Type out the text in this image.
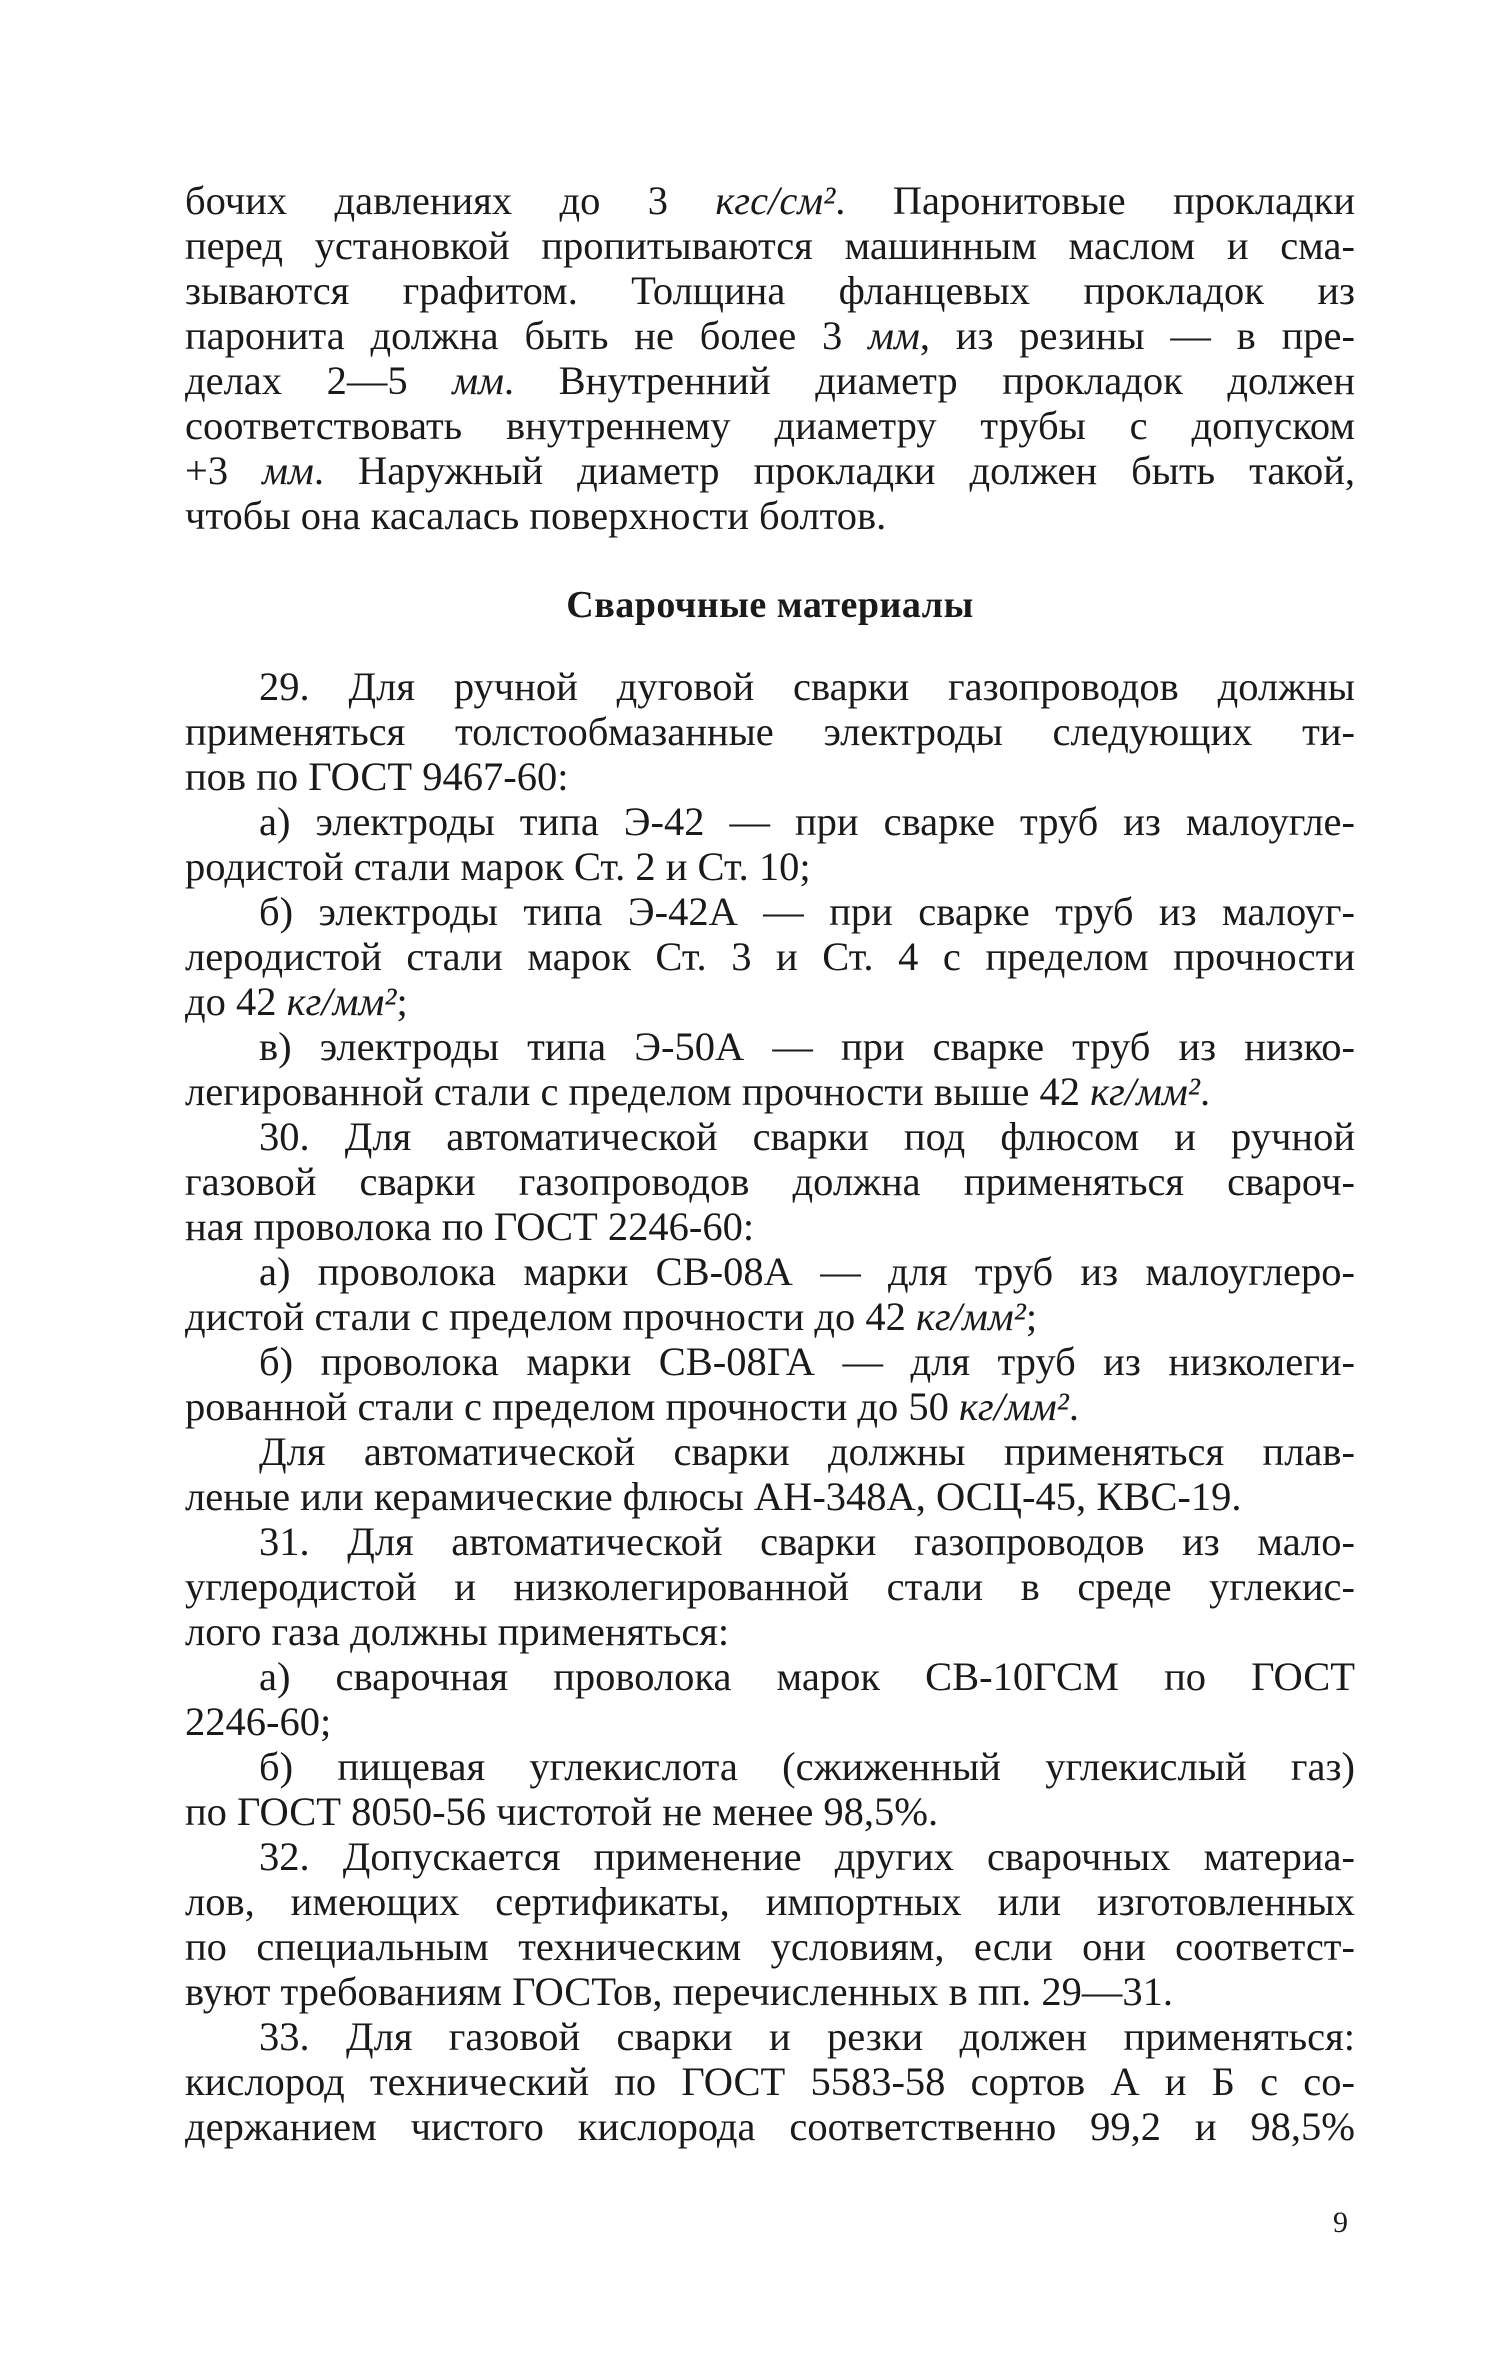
бочих давлениях до 3 кгс/см². Паронитовые прокладки
перед установкой пропитываются машинным маслом и сма-
зываются графитом. Толщина фланцевых прокладок из
паронита должна быть не более 3 мм, из резины — в пре-
делах 2—5 мм. Внутренний диаметр прокладок должен
соответствовать внутреннему диаметру трубы с допуском
+3 мм. Наружный диаметр прокладки должен быть такой,
чтобы она касалась поверхности болтов.
Сварочные материалы
29. Для ручной дуговой сварки газопроводов должны
применяться толстообмазанные электроды следующих ти-
пов по ГОСТ 9467-60:
а) электроды типа Э-42 — при сварке труб из малоугле-
родистой стали марок Ст. 2 и Ст. 10;
б) электроды типа Э-42А — при сварке труб из малоуг-
леродистой стали марок Ст. 3 и Ст. 4 с пределом прочности
до 42 кг/мм²;
в) электроды типа Э-50А — при сварке труб из низко-
легированной стали с пределом прочности выше 42 кг/мм².
30. Для автоматической сварки под флюсом и ручной
газовой сварки газопроводов должна применяться свароч-
ная проволока по ГОСТ 2246-60:
а) проволока марки СВ-08А — для труб из малоуглеро-
дистой стали с пределом прочности до 42 кг/мм²;
б) проволока марки СВ-08ГА — для труб из низколеги-
рованной стали с пределом прочности до 50 кг/мм².
Для автоматической сварки должны применяться плав-
леные или керамические флюсы АН-348А, ОСЦ-45, КВС-19.
31. Для автоматической сварки газопроводов из мало-
углеродистой и низколегированной стали в среде углекис-
лого газа должны применяться:
а) сварочная проволока марок СВ-10ГСМ по ГОСТ
2246-60;
б) пищевая углекислота (сжиженный углекислый газ)
по ГОСТ 8050-56 чистотой не менее 98,5%.
32. Допускается применение других сварочных материа-
лов, имеющих сертификаты, импортных или изготовленных
по специальным техническим условиям, если они соответст-
вуют требованиям ГОСТов, перечисленных в пп. 29—31.
33. Для газовой сварки и резки должен применяться:
кислород технический по ГОСТ 5583-58 сортов А и Б с со-
держанием чистого кислорода соответственно 99,2 и 98,5%
9
